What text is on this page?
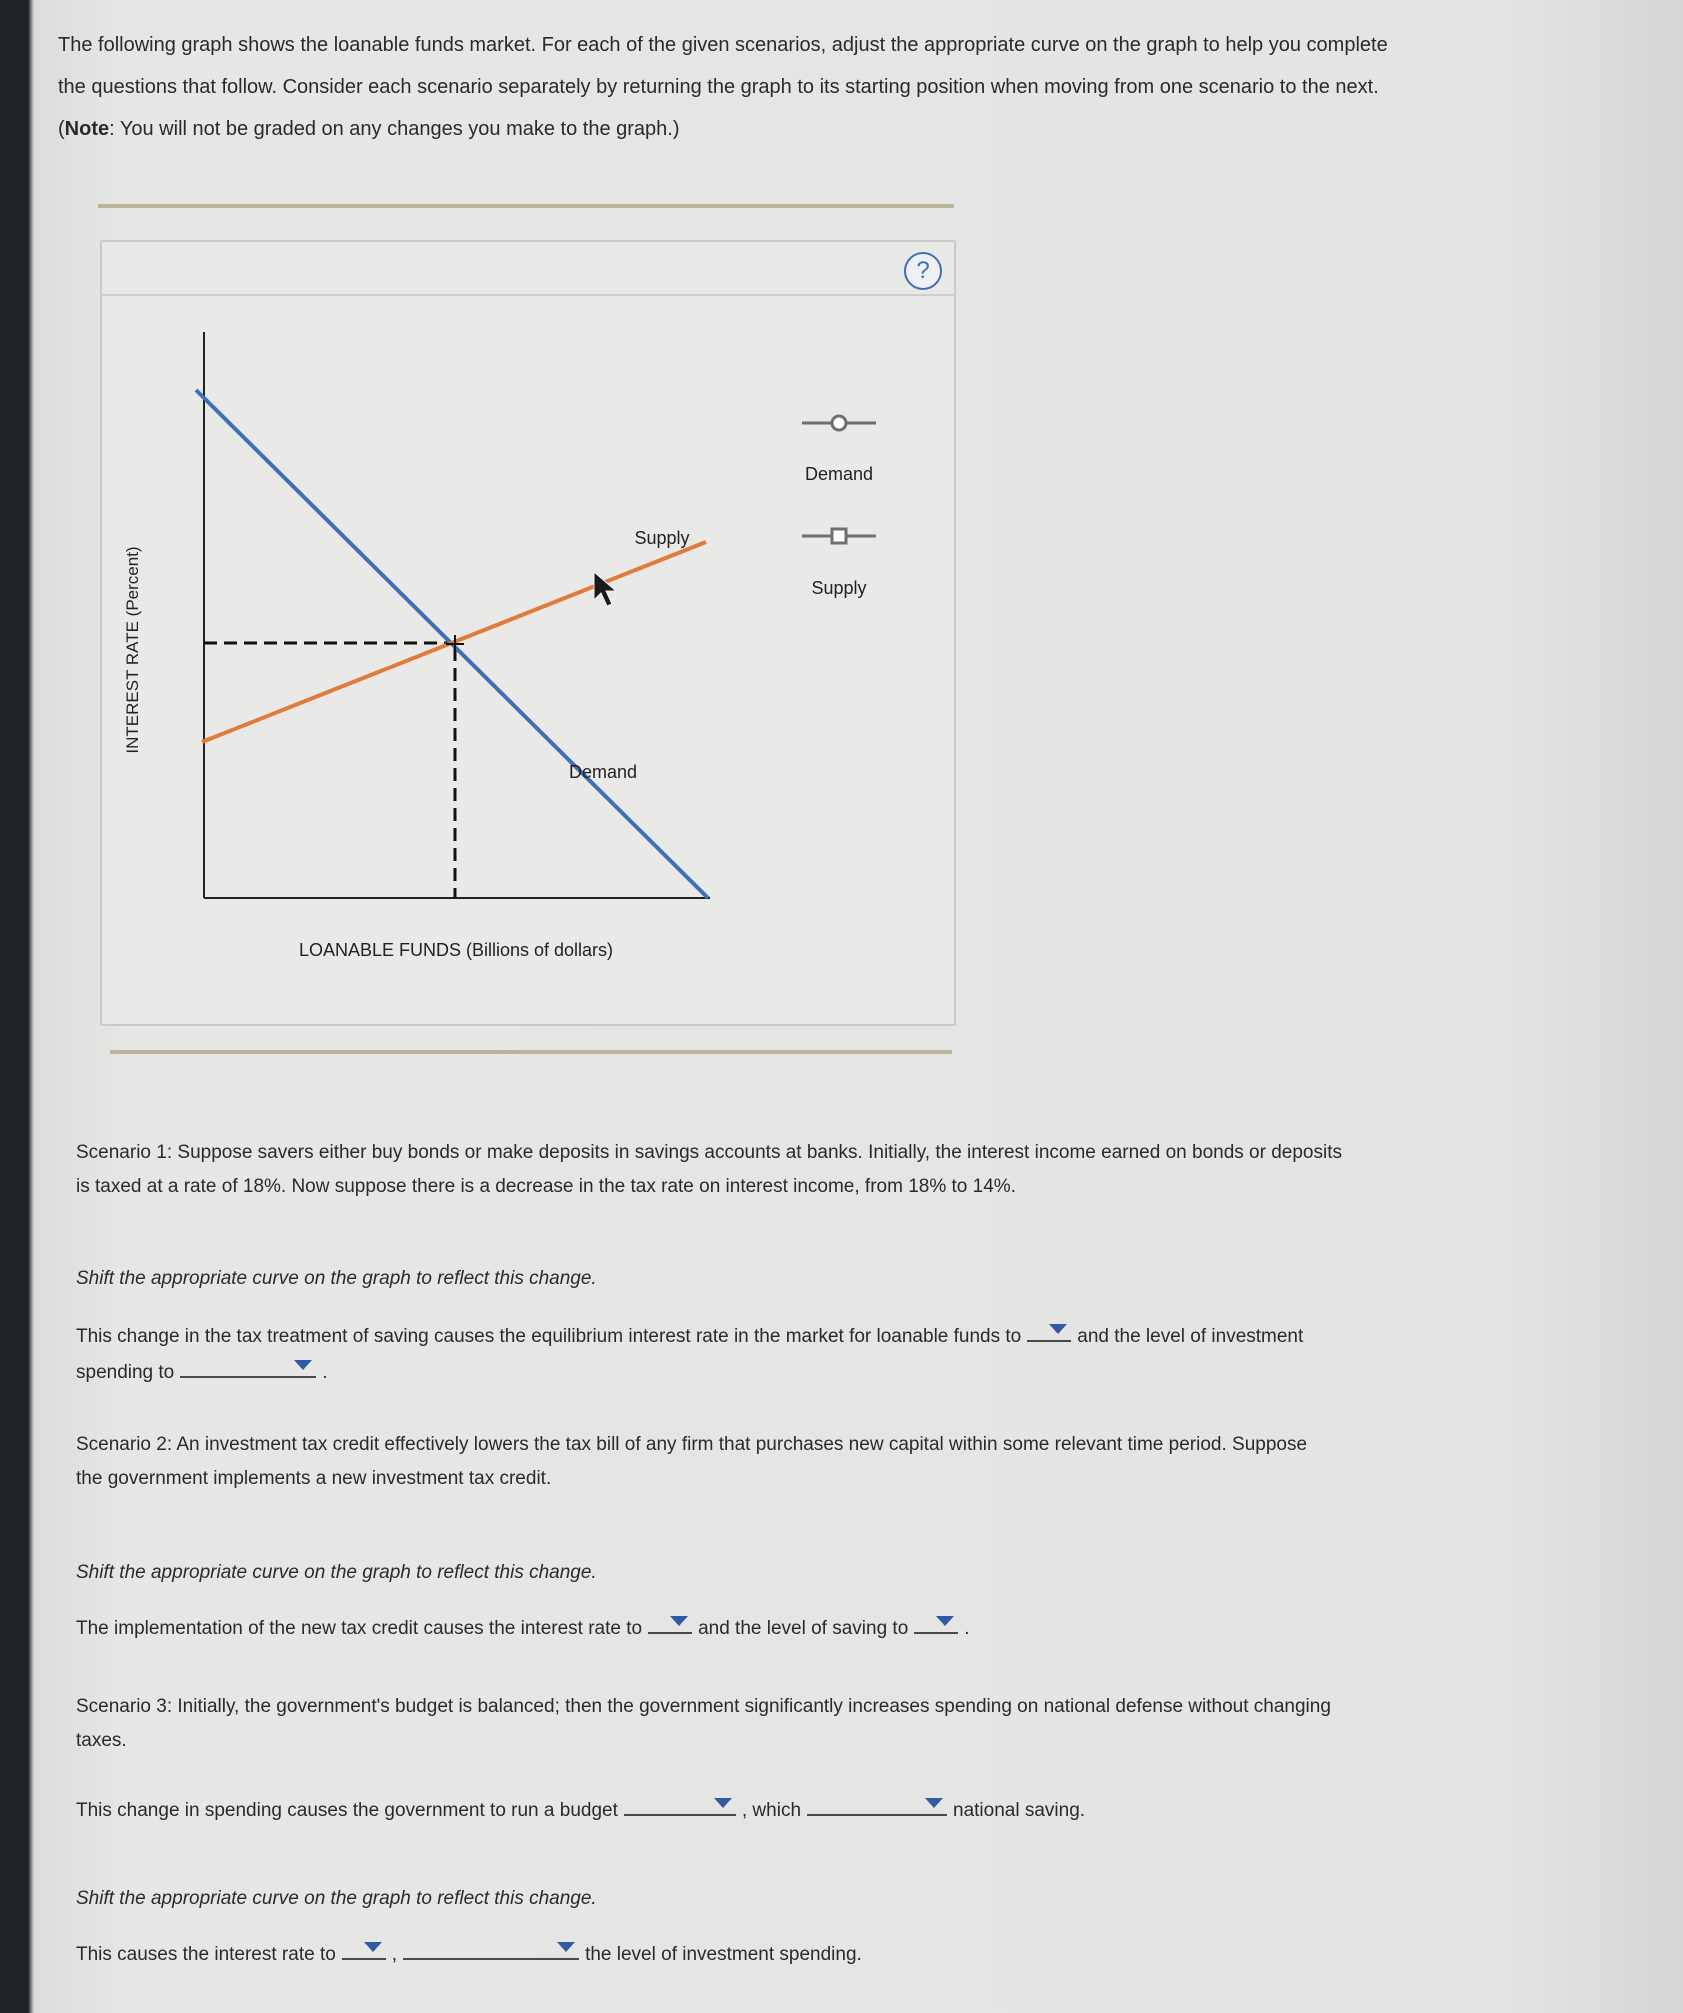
The following graph shows the loanable funds market. For each of the given scenarios, adjust the appropriate curve on the graph to help you complete
the questions that follow. Consider each scenario separately by returning the graph to its starting position when moving from one scenario to the next.
(Note: You will not be graded on any changes you make to the graph.)
?
INTEREST RATE (Percent)
LOANABLE FUNDS (Billions of dollars)
Supply
Demand
Demand
Supply
Scenario 1: Suppose savers either buy bonds or make deposits in savings accounts at banks. Initially, the interest income earned on bonds or deposits
is taxed at a rate of 18%. Now suppose there is a decrease in the tax rate on interest income, from 18% to 14%.
Shift the appropriate curve on the graph to reflect this change.
This change in the tax treatment of saving causes the equilibrium interest rate in the market for loanable funds to	and the level of investment
spending to	.
Scenario 2: An investment tax credit effectively lowers the tax bill of any firm that purchases new capital within some relevant time period. Suppose
the government implements a new investment tax credit.
Shift the appropriate curve on the graph to reflect this change.
The implementation of the new tax credit causes the interest rate to	and the level of saving to	.
Scenario 3: Initially, the government's budget is balanced; then the government significantly increases spending on national defense without changing
taxes.
This change in spending causes the government to run a budget	, which	national saving.
Shift the appropriate curve on the graph to reflect this change.
This causes the interest rate to	,	the level of investment spending.
